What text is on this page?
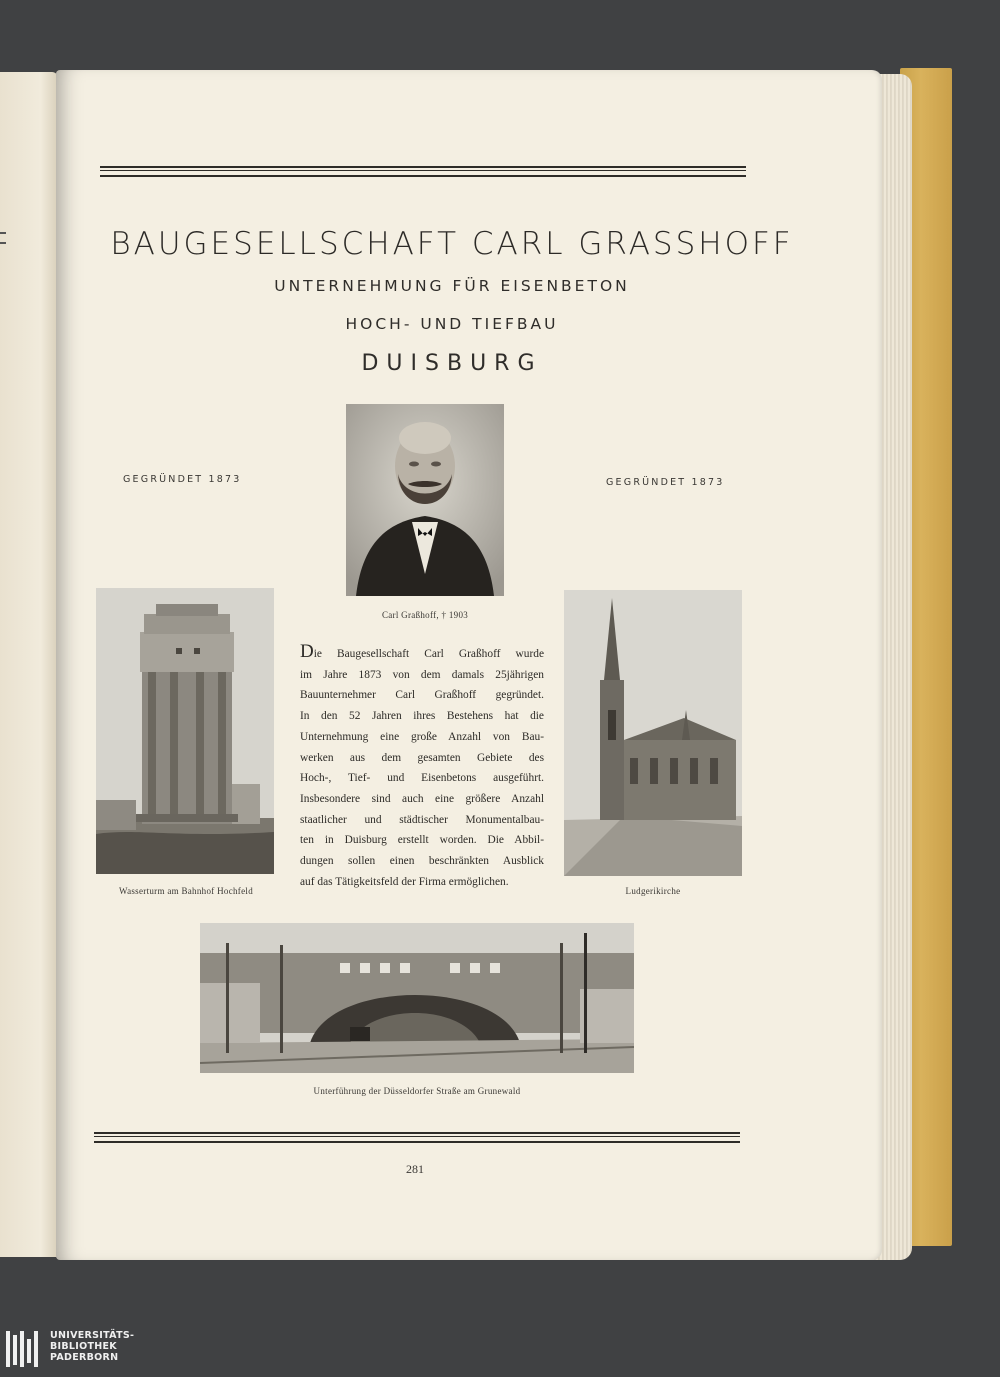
BAUGESELLSCHAFT CARL GRASSHOFF
UNTERNEHMUNG FÜR EISENBETON
HOCH- UND TIEFBAU
DUISBURG
GEGRÜNDET 1873	GEGRÜNDET 1873
Carl Graßhoff, † 1903
Wasserturm am Bahnhof Hochfeld	Ludgerikirche
Die Baugesellschaft Carl Graßhoff wurde
im Jahre 1873 von dem damals 25jährigen
Bauunternehmer Carl Graßhoff gegründet.
In den 52 Jahren ihres Bestehens hat die
Unternehmung eine große Anzahl von Bau-
werken aus dem gesamten Gebiete des
Hoch-, Tief- und Eisenbetons ausgeführt.
Insbesondere sind auch eine größere Anzahl
staatlicher und städtischer Monumentalbau-
ten in Duisburg erstellt worden. Die Abbil-
dungen sollen einen beschränkten Ausblick
auf das Tätigkeitsfeld der Firma ermöglichen.
Unterführung der Düsseldorfer Straße am Grunewald
281
UNIVERSITÄTS-
BIBLIOTHEK
PADERBORN
